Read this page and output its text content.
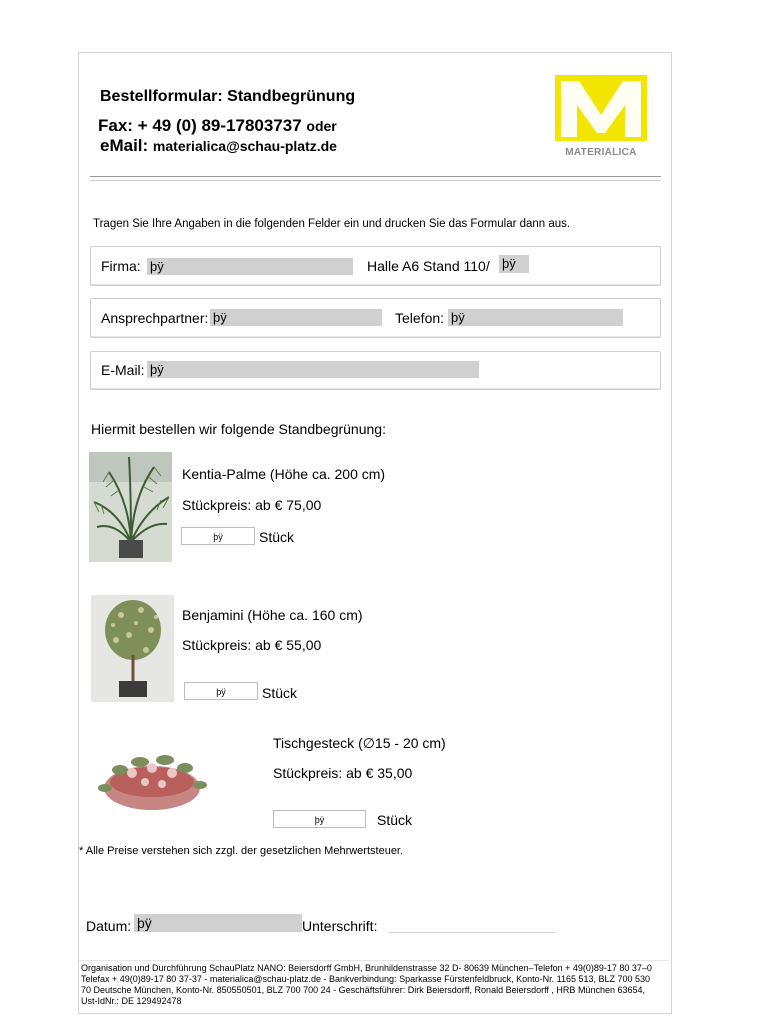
Bestellformular: Standbegrünung
Fax: + 49 (0) 89-17803737 oder
eMail: materialica@schau-platz.de	MATERIALICA
Tragen Sie Ihre Angaben in die folgenden Felder ein und drucken Sie das Formular dann aus.
Firma: þÿ	Halle A6 Stand 110/ þÿ
Ansprechpartner: þÿ	Telefon: þÿ
E-Mail: þÿ
Hiermit bestellen wir folgende Standbegrünung:
Kentia-Palme (Höhe ca. 200 cm)
Stückpreis: ab € 75,00
þÿ	Stück
Benjamini (Höhe ca. 160 cm)
Stückpreis: ab € 55,00
þÿ	Stück
Tischgesteck (∅15 - 20 cm)
Stückpreis: ab € 35,00
þÿ	Stück
* Alle Preise verstehen sich zzgl. der gesetzlichen Mehrwertsteuer.
Datum: þÿ	Unterschrift:
Organisation und Durchführung SchauPlatz NANO: Beiersdorff GmbH, Brunhildenstrasse 32 D- 80639 München–Telefon + 49(0)89-17 80 37–0
Telefax + 49(0)89-17 80 37-37 - materialica@schau-platz.de - Bankverbindung: Sparkasse Fürstenfeldbruck, Konto-Nr. 1165 513, BLZ 700 530
70 Deutsche München, Konto-Nr. 850550501, BLZ 700 700 24 - Geschäftsführer: Dirk Beiersdorff, Ronald Beiersdorff , HRB München 63654,
Ust-IdNr.: DE 129492478
